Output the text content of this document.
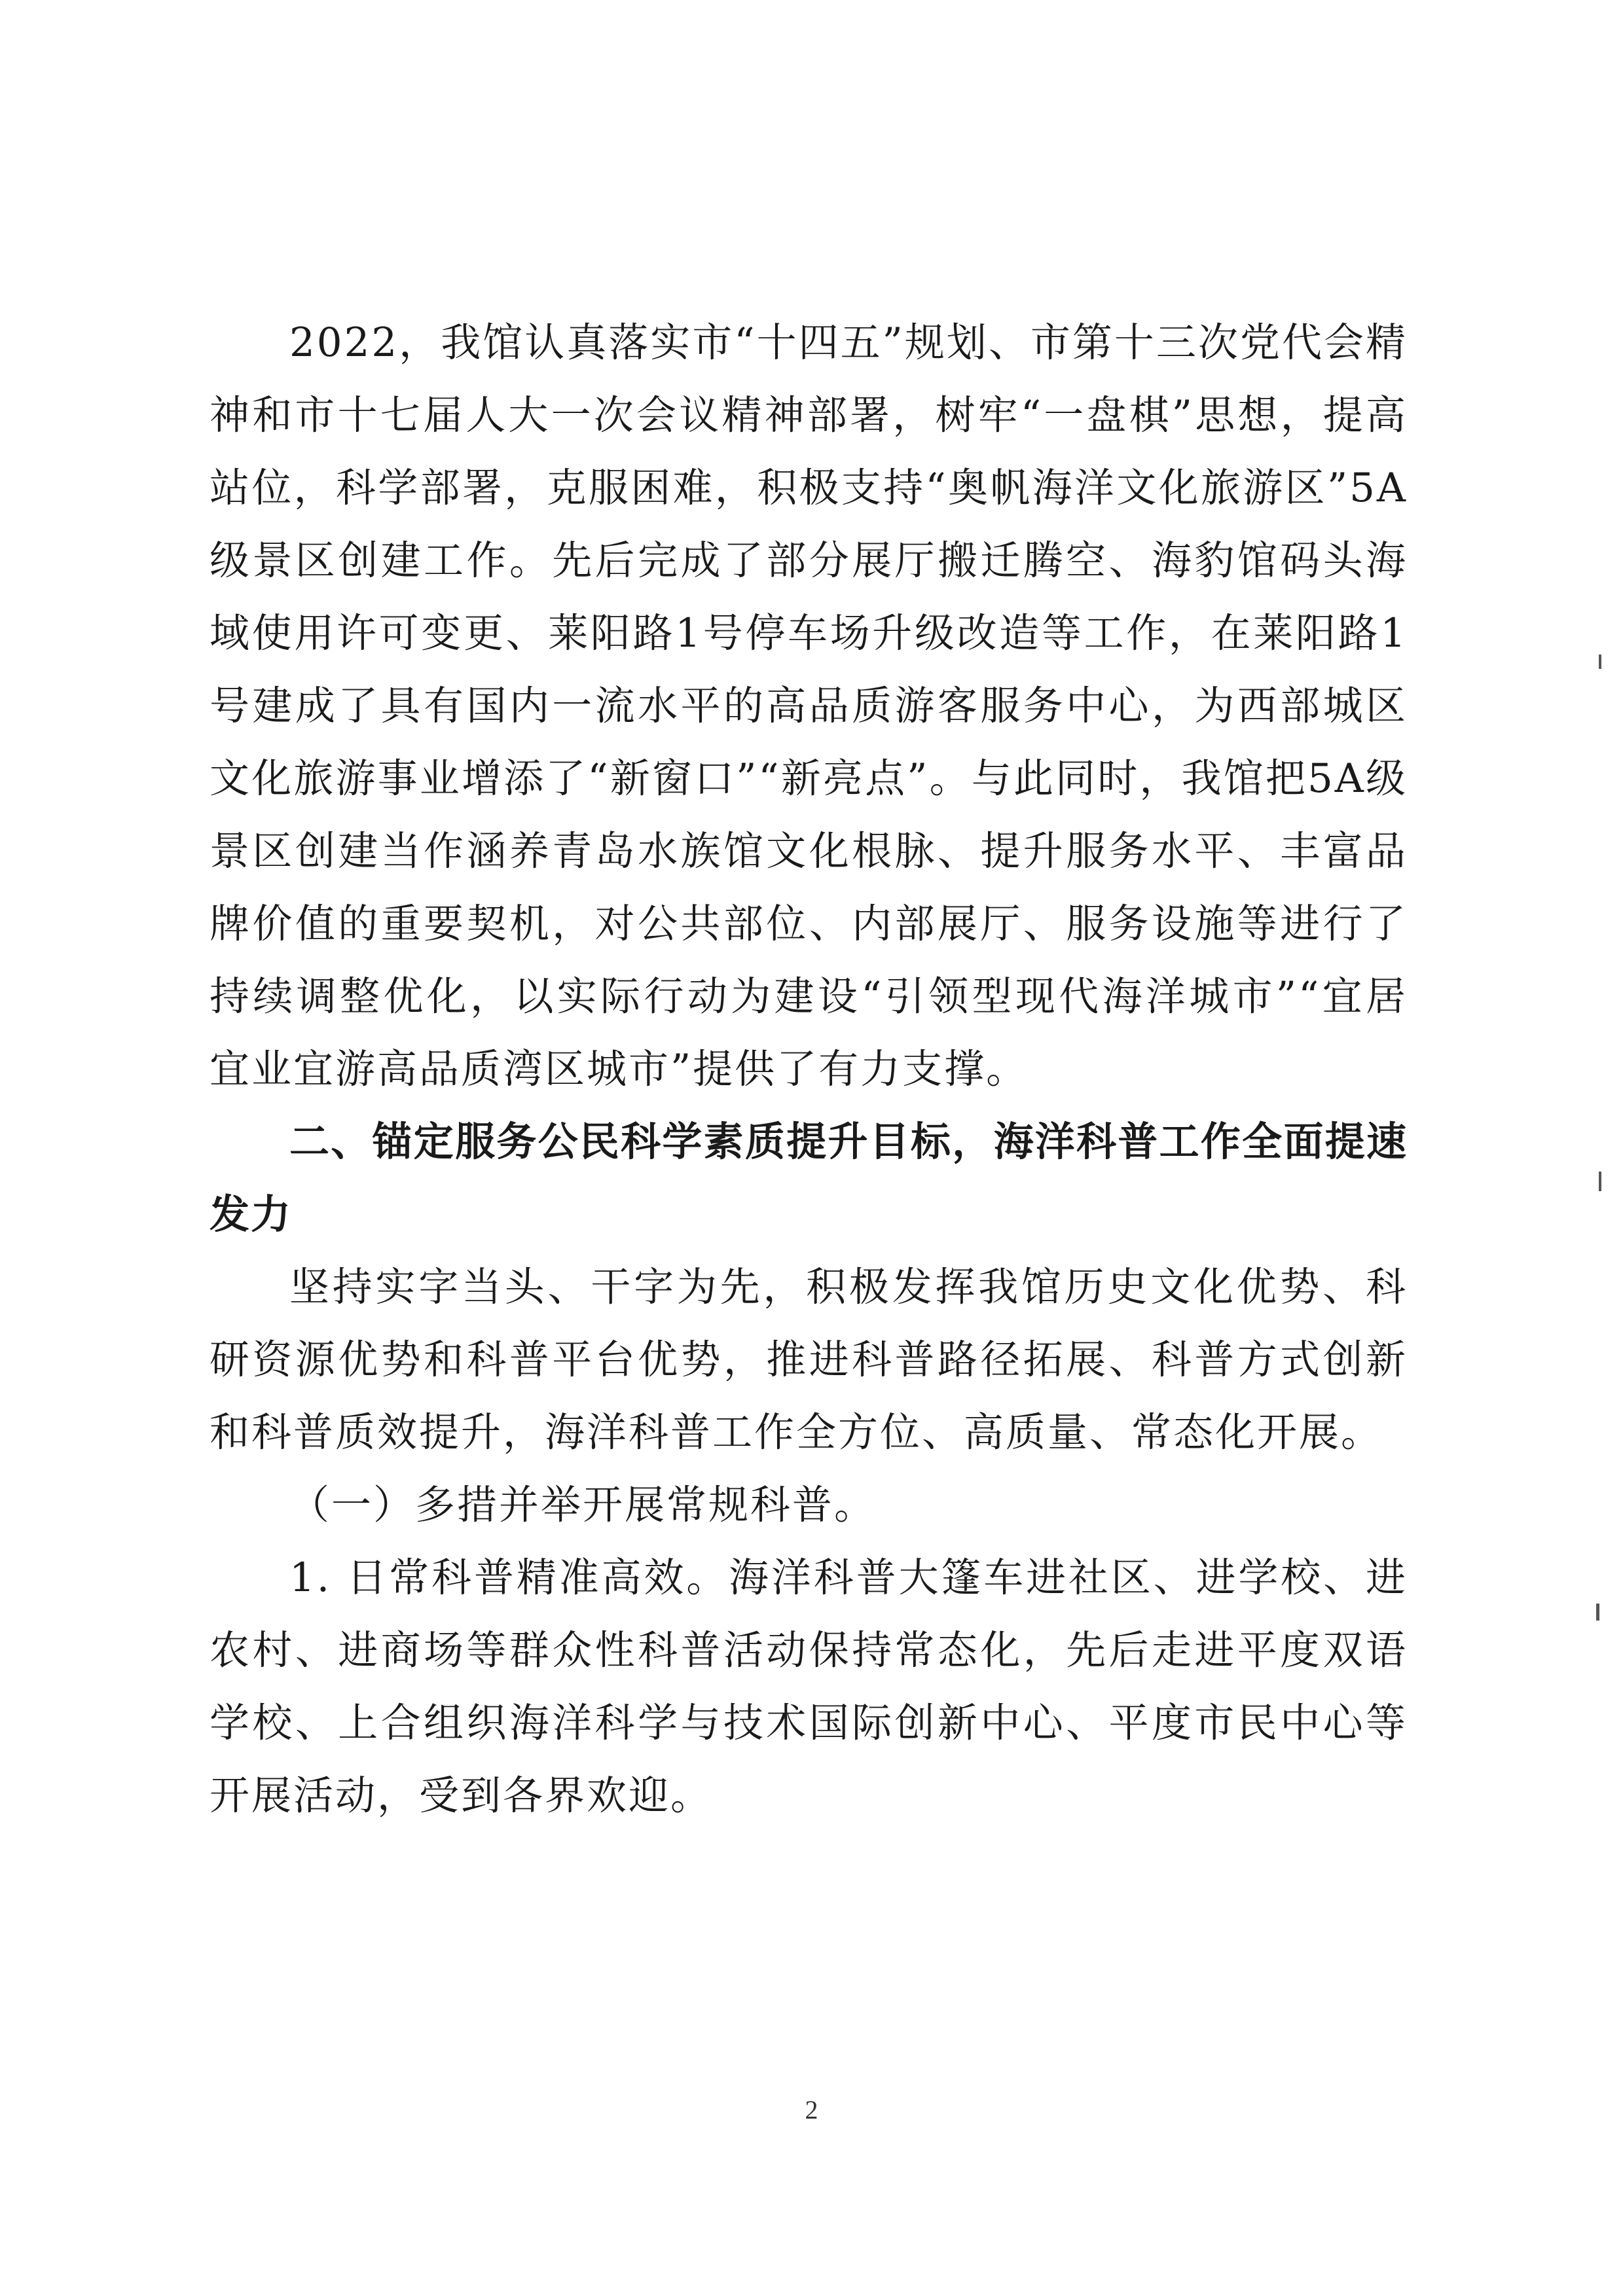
2022，我馆认真落实市“十四五”规划、市第十三次党代会精神和市十七届人大一次会议精神部署，树牢“一盘棋”思想，提高站位，科学部署，克服困难，积极支持“奥帆海洋文化旅游区”5A级景区创建工作。先后完成了部分展厅搬迁腾空、海豹馆码头海域使用许可变更、莱阳路1号停车场升级改造等工作，在莱阳路1号建成了具有国内一流水平的高品质游客服务中心，为西部城区文化旅游事业增添了“新窗口”“新亮点”。与此同时，我馆把5A级景区创建当作涵养青岛水族馆文化根脉、提升服务水平、丰富品牌价值的重要契机，对公共部位、内部展厅、服务设施等进行了持续调整优化，以实际行动为建设“引领型现代海洋城市”“宜居宜业宜游高品质湾区城市”提供了有力支撑。

二、锚定服务公民科学素质提升目标，海洋科普工作全面提速发力

坚持实字当头、干字为先，积极发挥我馆历史文化优势、科研资源优势和科普平台优势，推进科普路径拓展、科普方式创新和科普质效提升，海洋科普工作全方位、高质量、常态化开展。

（一）多措并举开展常规科普。

1. 日常科普精准高效。海洋科普大篷车进社区、进学校、进农村、进商场等群众性科普活动保持常态化，先后走进平度双语学校、上合组织海洋科学与技术国际创新中心、平度市民中心等开展活动，受到各界欢迎。

2
